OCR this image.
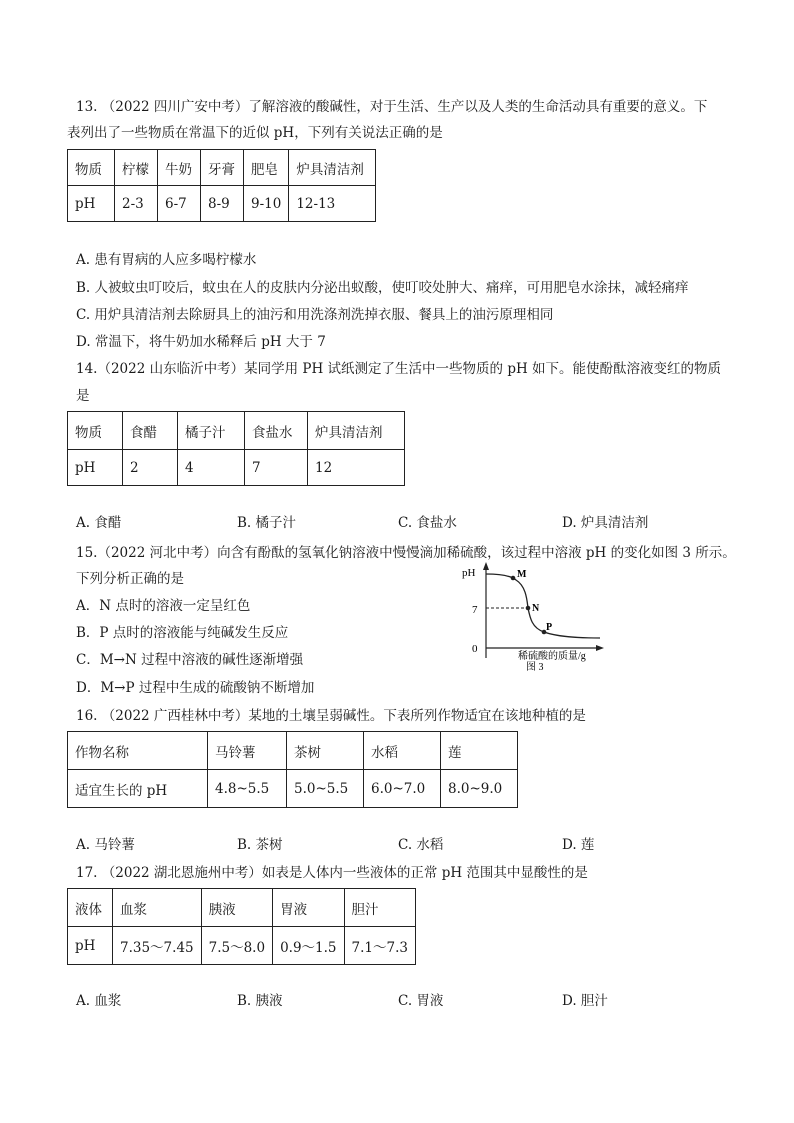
13. （2022 四川广安中考）了解溶液的酸碱性，对于生活、生产以及人类的生命活动具有重要的意义。下
表列出了一些物质在常温下的近似 pH，下列有关说法正确的是
物质	柠檬	牛奶	牙膏	肥皂	炉具清洁剂
pH	2-3	6-7	8-9	9-10	12-13
A. 患有胃病的人应多喝柠檬水
B. 人被蚊虫叮咬后，蚊虫在人的皮肤内分泌出蚁酸，使叮咬处肿大、痛痒，可用肥皂水涂抹，减轻痛痒
C. 用炉具清洁剂去除厨具上的油污和用洗涤剂洗掉衣服、餐具上的油污原理相同
D. 常温下，将牛奶加水稀释后 pH 大于 7
14.（2022 山东临沂中考）某同学用 PH 试纸测定了生活中一些物质的 pH 如下。能使酚酞溶液变红的物质
是
物质	食醋	橘子汁	食盐水	炉具清洁剂
pH	2	4	7	12
A. 食醋	B. 橘子汁	C. 食盐水	D. 炉具清洁剂
15.（2022 河北中考）向含有酚酞的氢氧化钠溶液中慢慢滴加稀硫酸，该过程中溶液 pH 的变化如图 3 所示。
下列分析正确的是
A．N 点时的溶液一定呈红色
B．P 点时的溶液能与纯碱发生反应
C．M→N 过程中溶液的碱性逐渐增强
D．M→P 过程中生成的硫酸钠不断增加
pH
0
7
M
N
P
稀硫酸的质量/g
图 3
16. （2022 广西桂林中考）某地的土壤呈弱碱性。下表所列作物适宜在该地种植的是
作物名称	马铃薯	茶树	水稻	莲
适宜生长的 pH	4.8~5.5	5.0~5.5	6.0~7.0	8.0~9.0
A. 马铃薯	B. 茶树	C. 水稻	D. 莲
17. （2022 湖北恩施州中考）如表是人体内一些液体的正常 pH 范围其中显酸性的是
液体	血浆	胰液	胃液	胆汁
pH	7.35～7.45	7.5～8.0	0.9～1.5	7.1～7.3
A. 血浆	B. 胰液	C. 胃液	D. 胆汁
